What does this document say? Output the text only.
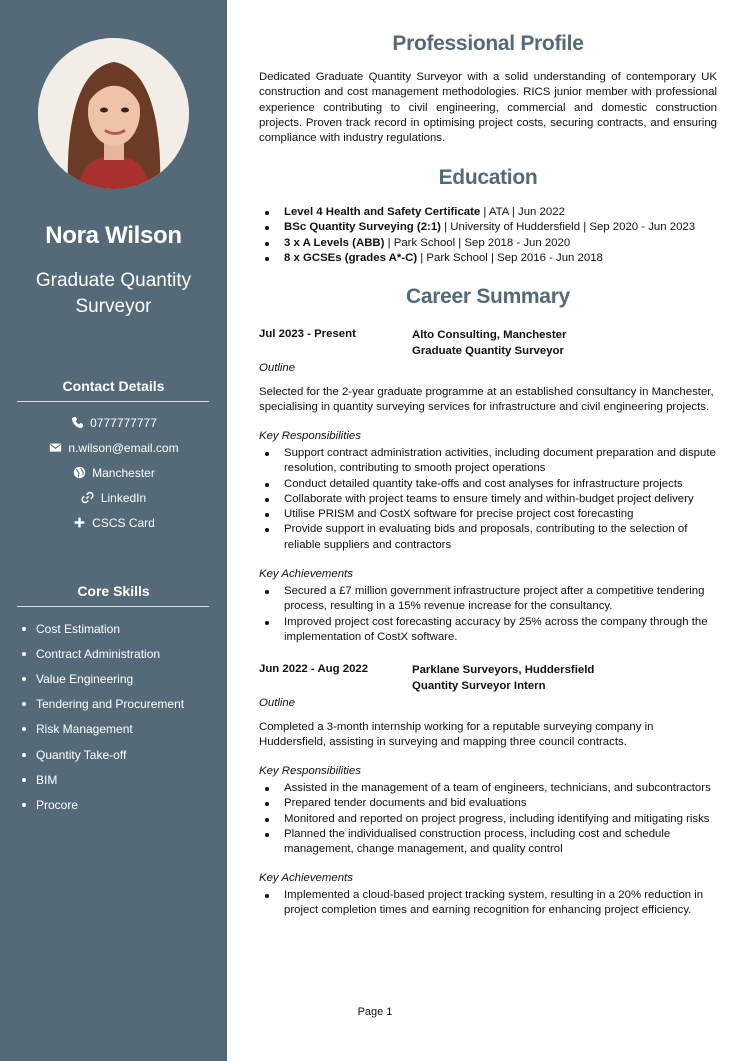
Nora Wilson
Graduate Quantity Surveyor
Contact Details
0777777777
n.wilson@email.com
Manchester
LinkedIn
CSCS Card
Core Skills
Cost Estimation
Contract Administration
Value Engineering
Tendering and Procurement
Risk Management
Quantity Take-off
BIM
Procore
Professional Profile

Dedicated Graduate Quantity Surveyor with a solid understanding of contemporary UK construction and cost management methodologies. RICS junior member with professional experience contributing to civil engineering, commercial and domestic construction projects. Proven track record in optimising project costs, securing contracts, and ensuring compliance with industry regulations.

Education
Level 4 Health and Safety Certificate | ATA | Jun 2022
BSc Quantity Surveying (2:1) | University of Huddersfield | Sep 2020 - Jun 2023
3 x A Levels (ABB) | Park School | Sep 2018 - Jun 2020
8 x GCSEs (grades A*-C) | Park School | Sep 2016 - Jun 2018
Career Summary
Jul 2023 - Present	Alto Consulting, Manchester
Graduate Quantity Surveyor
Outline

Selected for the 2-year graduate programme at an established consultancy in Manchester, specialising in quantity surveying services for infrastructure and civil engineering projects.

Key Responsibilities
Support contract administration activities, including document preparation and dispute resolution, contributing to smooth project operations
Conduct detailed quantity take-offs and cost analyses for infrastructure projects
Collaborate with project teams to ensure timely and within-budget project delivery
Utilise PRISM and CostX software for precise project cost forecasting
Provide support in evaluating bids and proposals, contributing to the selection of reliable suppliers and contractors
Key Achievements
Secured a £7 million government infrastructure project after a competitive tendering process, resulting in a 15% revenue increase for the consultancy.
Improved project cost forecasting accuracy by 25% across the company through the implementation of CostX software.
Jun 2022 - Aug 2022	Parklane Surveyors, Huddersfield
Quantity Surveyor Intern
Outline

Completed a 3-month internship working for a reputable surveying company in Huddersfield, assisting in surveying and mapping three council contracts.

Key Responsibilities
Assisted in the management of a team of engineers, technicians, and subcontractors
Prepared tender documents and bid evaluations
Monitored and reported on project progress, including identifying and mitigating risks
Planned the individualised construction process, including cost and schedule management, change management, and quality control
Key Achievements
Implemented a cloud-based project tracking system, resulting in a 20% reduction in project completion times and earning recognition for enhancing project efficiency.
Page 1
